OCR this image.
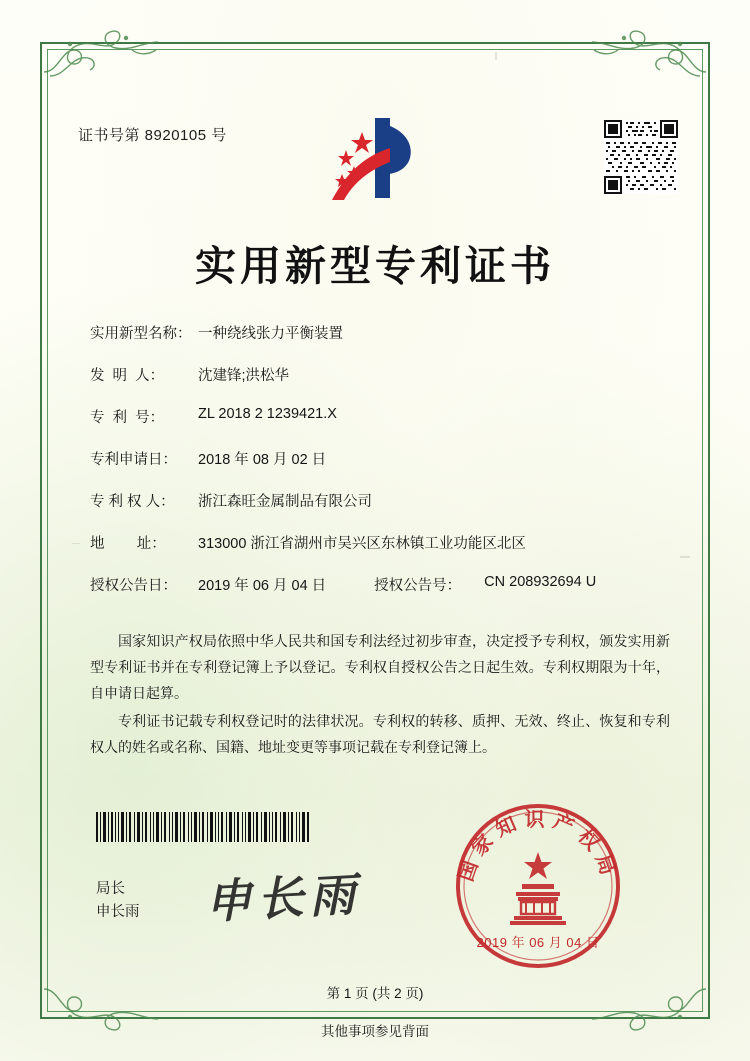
证书号第 8920105 号
实用新型专利证书
实用新型名称： 一种绕线张力平衡装置
发  明  人：	沈建锋;洪松华
专  利  号：	ZL 2018 2 1239421.X
专利申请日：	2018 年 08 月 02 日
专 利 权 人：	浙江森旺金属制品有限公司
地        址：	313000 浙江省湖州市吴兴区东林镇工业功能区北区
授权公告日：	2019 年 06 月 04 日	授权公告号：	CN 208932694 U

国家知识产权局依照中华人民共和国专利法经过初步审查，决定授予专利权，颁发实用新型专利证书并在专利登记簿上予以登记。专利权自授权公告之日起生效。专利权期限为十年，自申请日起算。

专利证书记载专利权登记时的法律状况。专利权的转移、质押、无效、终止、恢复和专利权人的姓名或名称、国籍、地址变更等事项记载在专利登记簿上。

局长
申长雨 申长雨	国家知识产权局
2019 年 06 月 04 日
第 1 页 (共 2 页)
其他事项参见背面
